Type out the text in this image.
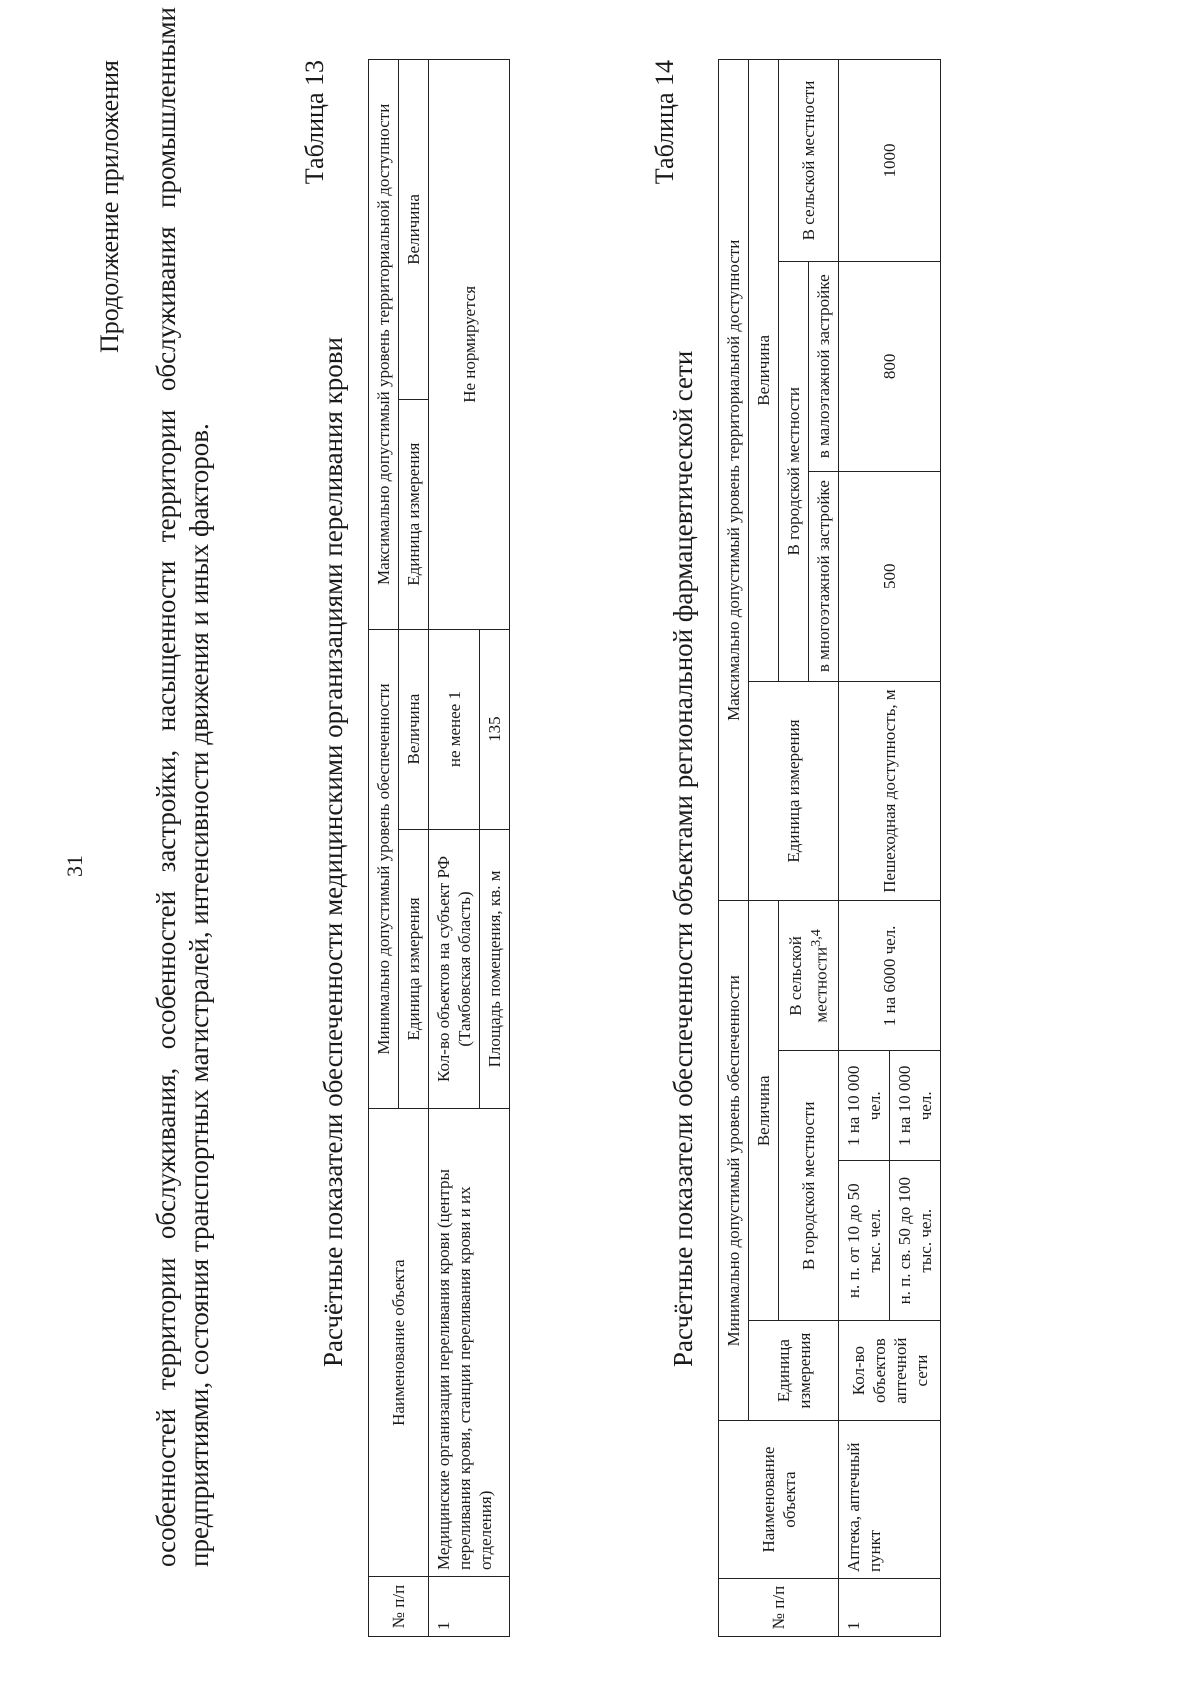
31
Продолжение приложения особенностей территории обслуживания, особенностей застройки, насыщенности территории обслуживания промышленными предприятиями, состояния транспортных магистралей, интенсивности движения и иных факторов.
Таблица 13
Расчётные показатели обеспеченности медицинскими организациями переливания крови
№ п/п	Наименование объекта	Минимально допустимый уровень обеспеченности		Максимально допустимый уровень территориальной доступности	
		Единица измерения	Величина	Единица измерения	Величина
1	Медицинские организации переливания крови (центры переливания крови, станции переливания крови и их отделения)	Кол-во объектов на субъект РФ (Тамбовская область)	не менее 1	Не нормируется	
		Площадь помещения, кв. м	135		
Таблица 14
Расчётные показатели обеспеченности объектами региональной фармацевтической сети
№ п/п	Наименование объекта	Минимально допустимый уровень обеспеченности				Максимально допустимый уровень территориальной доступности			
		Единица измерения	Величина			Единица измерения	Величина		
			В городской местности		В сельской местности$^{3,4}$		В городской местности		В сельской местности
							в многоэтажной застройке	в малоэтажной застройке	
1	Аптека, аптечный пункт	Кол-во объектов аптечной сети	н. п. от 10 до 50 тыс. чел.	1 на 10 000 чел.	1 на 6000 чел.	Пешеходная доступность, м	500	800	1000
			н. п. св. 50 до 100 тыс. чел.	1 на 10 000 чел.					
